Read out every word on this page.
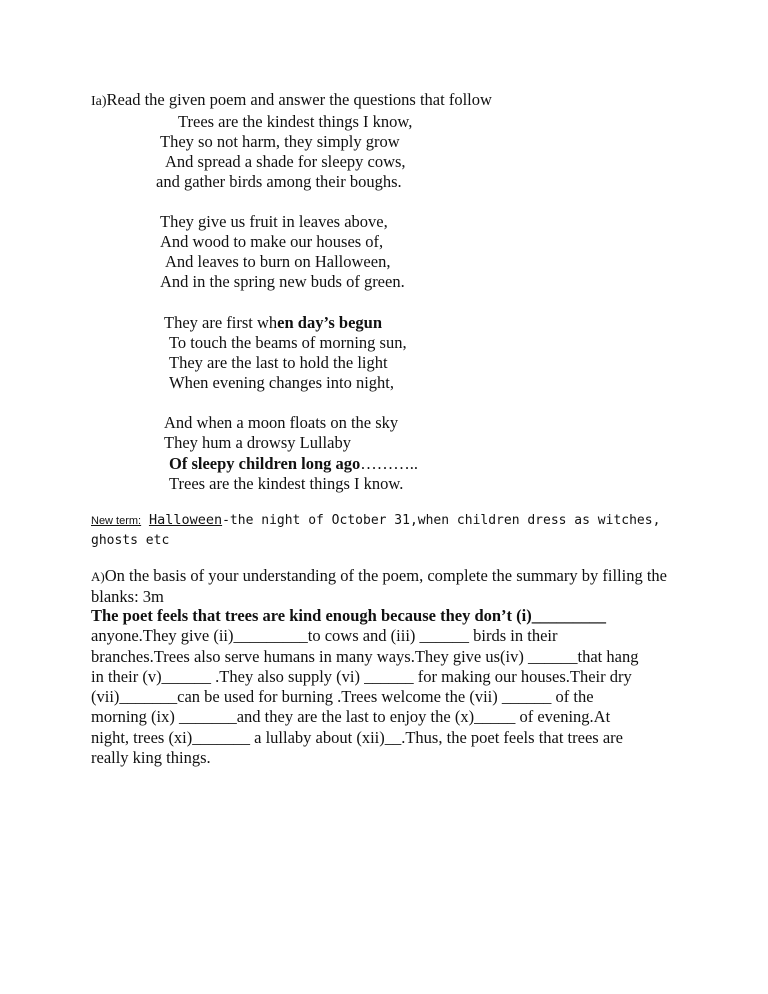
Ia)Read the given poem and answer the questions that follow
Trees are the kindest things I know,
They so not harm, they simply grow
And spread a shade for sleepy cows,
and gather birds among their boughs.
They give us fruit in leaves above,
And wood to make our houses of,
And leaves to burn on Halloween,
And in the spring new buds of green.
They are first when day’s begun
To touch the beams of morning sun,
They are the last to hold the light
When evening changes into night,
And when a moon floats on the sky
They hum a drowsy Lullaby
Of sleepy children long ago………..
Trees are the kindest things I know.
New term: Halloween-the night of October 31,when children dress as witches, ghosts etc
A)On the basis of your understanding of the poem, complete the summary by filling the blanks: 3m
The poet feels that trees are kind enough because they don’t (i)_________
anyone.They give (ii)_________to cows and (iii) ______ birds in their
branches.Trees also serve humans in many ways.They give us(iv) ______that hang
in their (v)______ .They also supply (vi) ______ for making our houses.Their dry
(vii)_______can be used for burning .Trees welcome the (vii) ______ of the
morning (ix) _______and they are the last to enjoy the (x)_____ of evening.At
night, trees (xi)_______ a lullaby about (xii)__.Thus, the poet feels that trees are
really king things.
